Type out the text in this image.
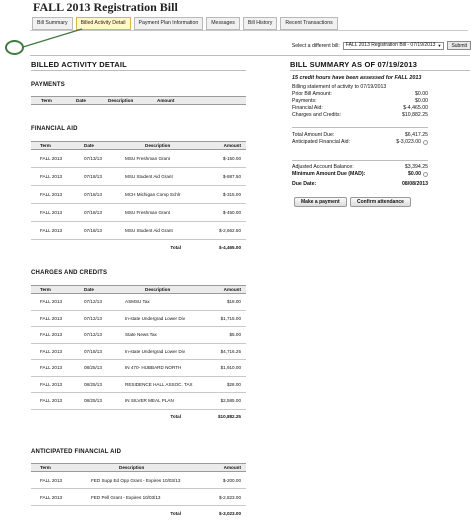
FALL 2013 Registration Bill
Bill Summary	Billed Activity Detail	Payment Plan Information	Messages	Bill History	Recent Transactions
Select a different bill: FALL 2013 Registration Bill - 07/19/2013 ▼	Submit
BILLED ACTIVITY DETAIL
PAYMENTS
Term	Date	Description	Amount
FINANCIAL AID
Term	Date	Description	Amount
FALL 2013	07/13/13	MSU Freshman Grant	$-150.00
FALL 2013	07/18/13	MSU Student Aid Grant	$-887.50
FALL 2013	07/18/13	MCH Michigan Comp Schlr	$-315.00
FALL 2013	07/18/13	MSU Freshman Grant	$-450.00
FALL 2013	07/18/13	MSU Student Aid Grant	$-2,662.50
Total	$-4,465.00
CHARGES AND CREDITS
Term	Date	Description	Amount
FALL 2013	07/12/13	ASMSU Tax	$18.00
FALL 2013	07/12/13	In-state Undergrad Lower Div	$1,715.00
FALL 2013	07/12/13	State News Tax	$5.00
FALL 2013	07/18/13	In-state Undergrad Lower Div	$4,716.25
FALL 2013	08/25/13	IN 470- HUBBARD NORTH	$1,910.00
FALL 2013	08/25/13	RESIDENCE HALL ASSOC. TAX	$28.00
FALL 2013	08/25/13	IN SILVER MEAL PLAN	$2,585.00
Total	$10,882.25
ANTICIPATED FINANCIAL AID
Term	Description	Amount
FALL 2013	FED Supp Ed Opp Grant - Expires 10/03/13	$-200.00
FALL 2013	FED Pell Grant - Expires 10/03/13	$-2,823.00
Total	$-3,023.00
BILL SUMMARY AS OF 07/19/2013
15 credit hours have been assessed for FALL 2013
Billing statement of activity to 07/19/2013
Prior Bill Amount:	$0.00
Payments:	$0.00
Financial Aid:	$-4,465.00
Charges and Credits:	$10,882.25
Total Amount Due:	$6,417.25
Anticipated Financial Aid:	$-3,023.00
Adjusted Account Balance:	$3,394.25
Minimum Amount Due (MAD):	$0.00
Due Date:	08/08/2013
Make a payment	Confirm attendance
